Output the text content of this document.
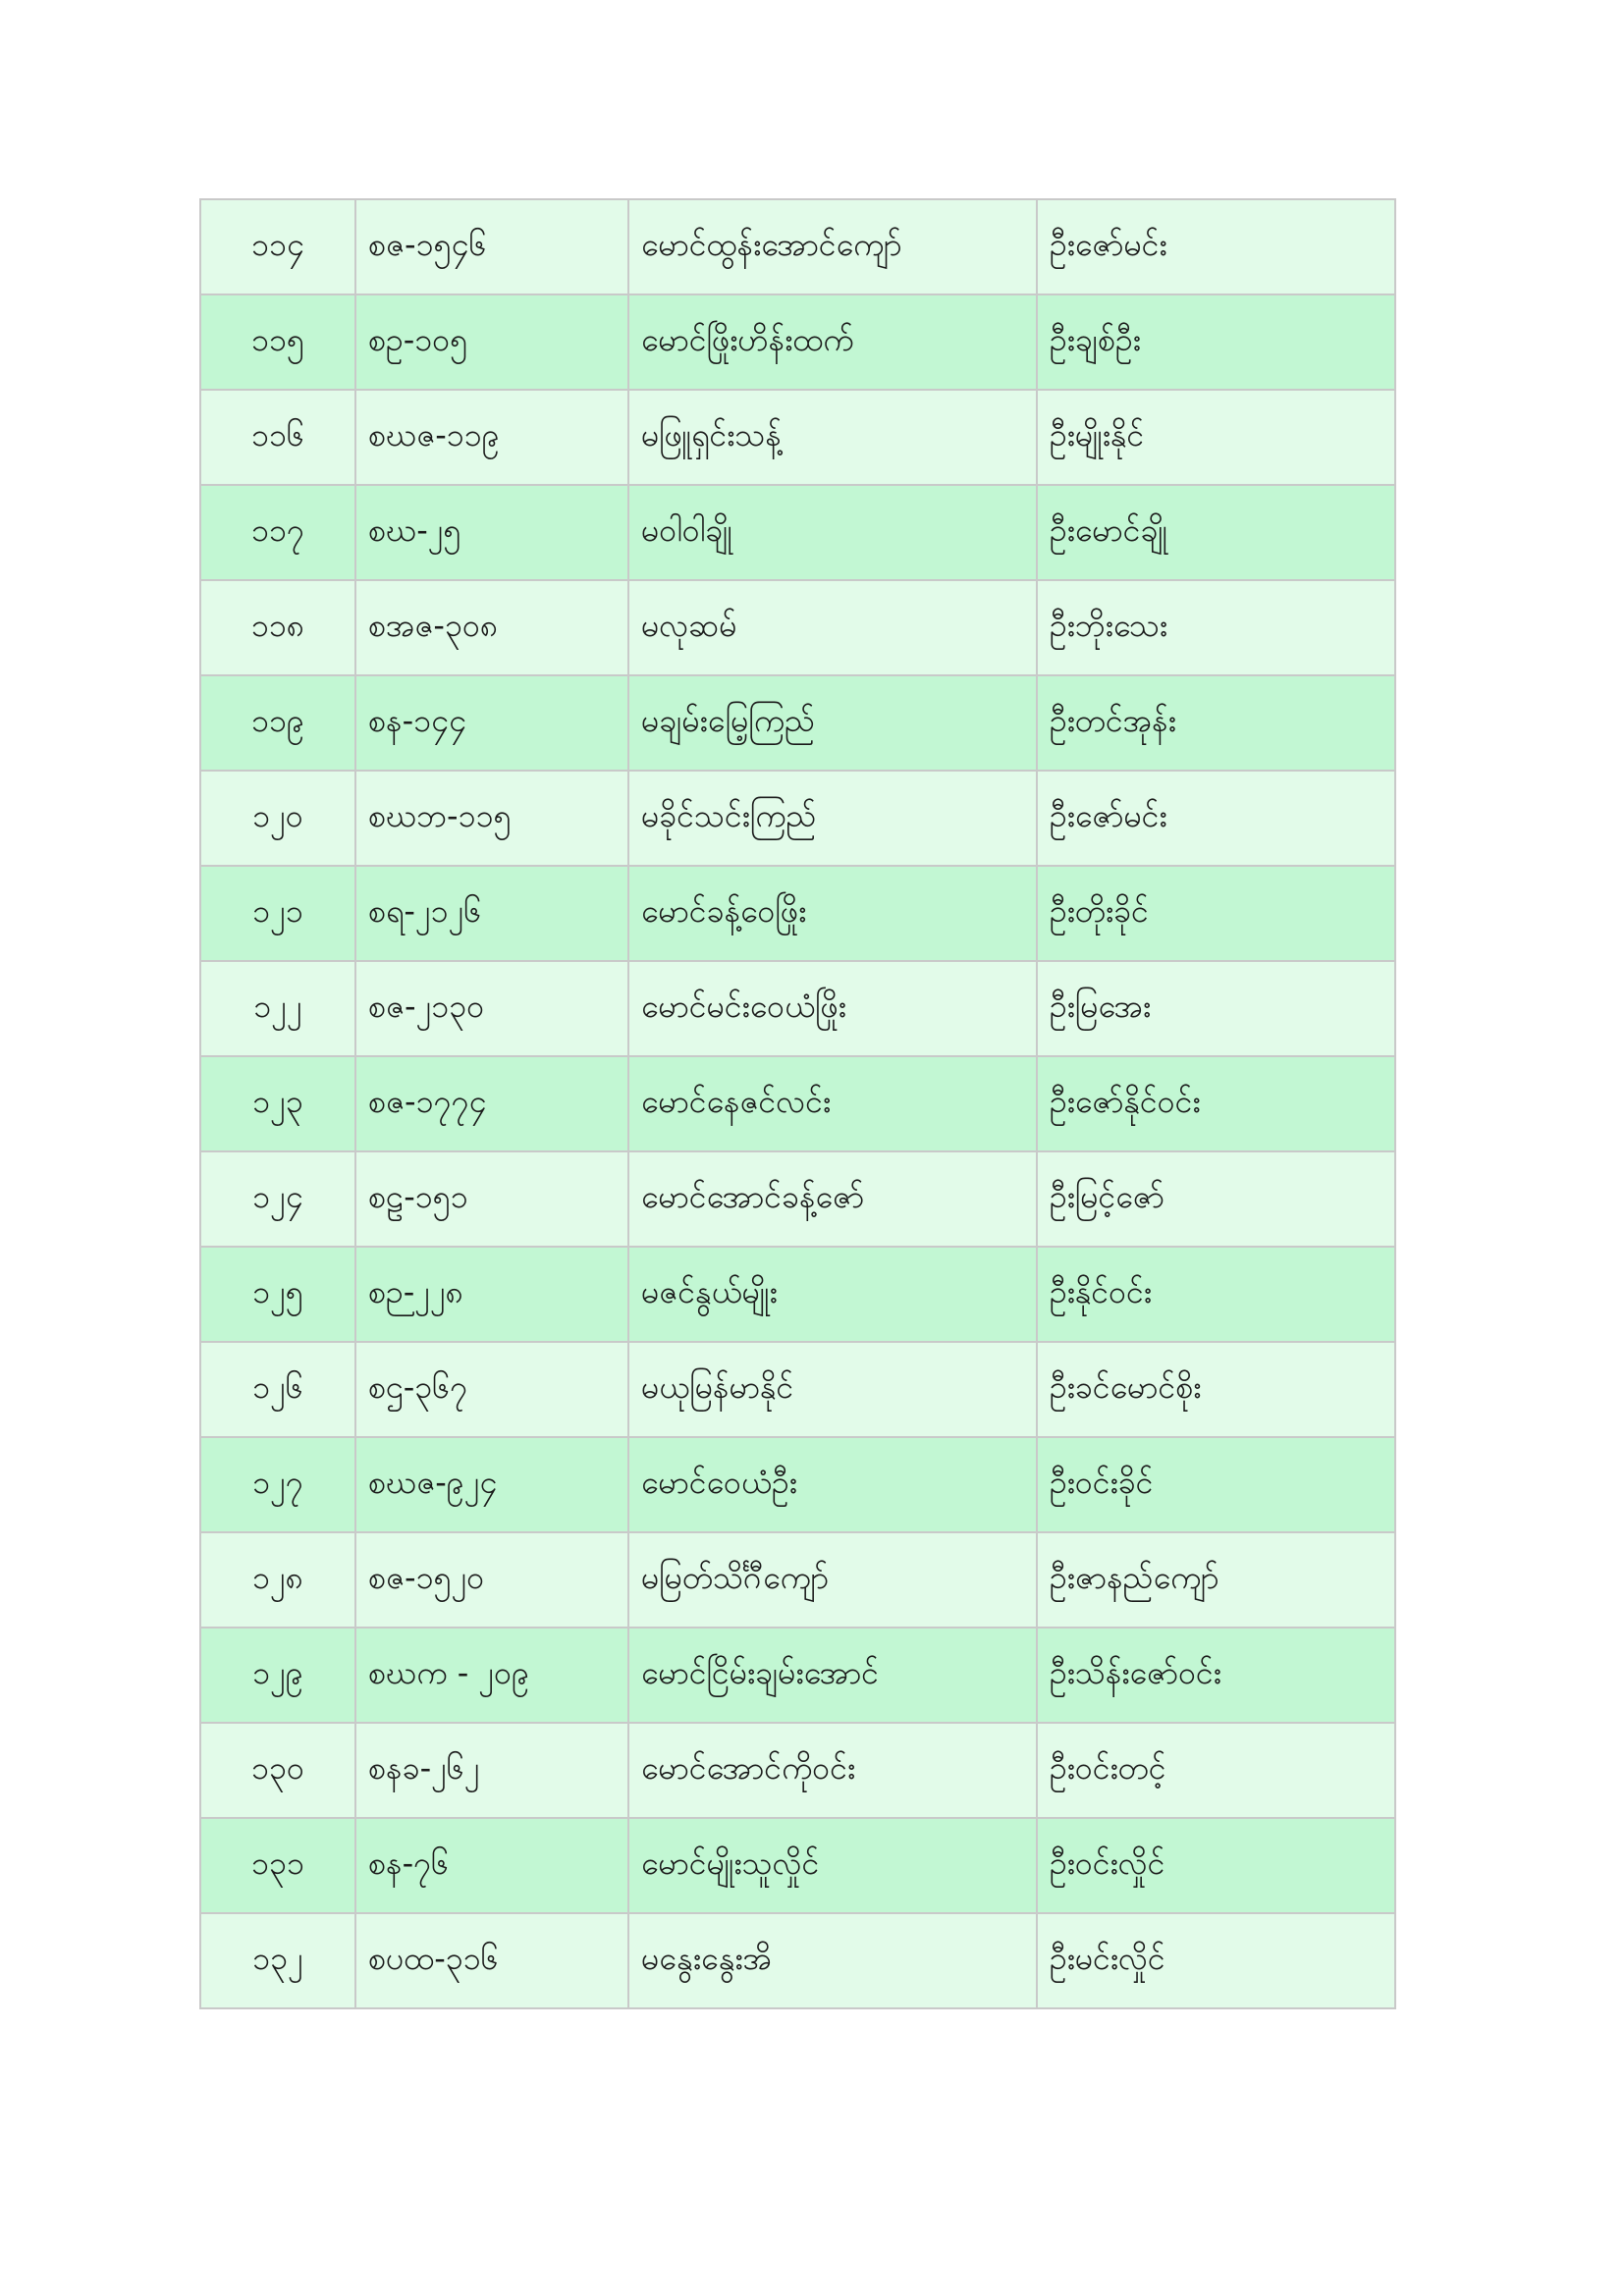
၁၁၄	စဇ-၁၅၄၆	မောင်ထွန်းအောင်ကျော်	ဦးဇော်မင်း
၁၁၅	စဥ-၁၀၅	မောင်ဖြိုးဟိန်းထက်	ဦးချစ်ဦး
၁၁၆	စဃဇ-၁၁၉	မဖြူရှင်းသန့်	ဦးမျိုးနိုင်
၁၁၇	စဃ-၂၅	မဝါဝါချို	ဦးမောင်ချို
၁၁၈	စအဇ-၃၀၈	မလုဆမ်	ဦးဘိုးသေး
၁၁၉	စန-၁၄၄	မချမ်းမြေ့ကြည်	ဦးတင်အုန်း
၁၂၀	စဃဘ-၁၁၅	မခိုင်သင်းကြည်	ဦးဇော်မင်း
၁၂၁	စရ-၂၁၂၆	မောင်ခန့်ဝေဖြိုး	ဦးတိုးခိုင်
၁၂၂	စဇ-၂၁၃၀	မောင်မင်းဝေယံဖြိုး	ဦးမြအေး
၁၂၃	စဇ-၁၇၇၄	မောင်နေဇင်လင်း	ဦးဇော်နိုင်ဝင်း
၁၂၄	စဠ-၁၅၁	မောင်အောင်ခန့်ဇော်	ဦးမြင့်ဇော်
၁၂၅	စဉ-၂၂၈	မဇင်နွယ်မျိုး	ဦးနိုင်ဝင်း
၁၂၆	စဌ-၃၆၇	မယုမြန်မာနိုင်	ဦးခင်မောင်စိုး
၁၂၇	စဃဇ-၉၂၄	မောင်ဝေယံဦး	ဦးဝင်းခိုင်
၁၂၈	စဇ-၁၅၂၀	မမြတ်သိင်္ဂီကျော်	ဦးဇာနည်ကျော်
၁၂၉	စဃက - ၂၀၉	မောင်ငြိမ်းချမ်းအောင်	ဦးသိန်းဇော်ဝင်း
၁၃၀	စနခ-၂၆၂	မောင်အောင်ကိုဝင်း	ဦးဝင်းတင့်
၁၃၁	စန-၇၆	မောင်မျိုးသူလှိုင်	ဦးဝင်းလှိုင်
၁၃၂	စပထ-၃၁၆	မနွေးနွေးအိ	ဦးမင်းလှိုင်
